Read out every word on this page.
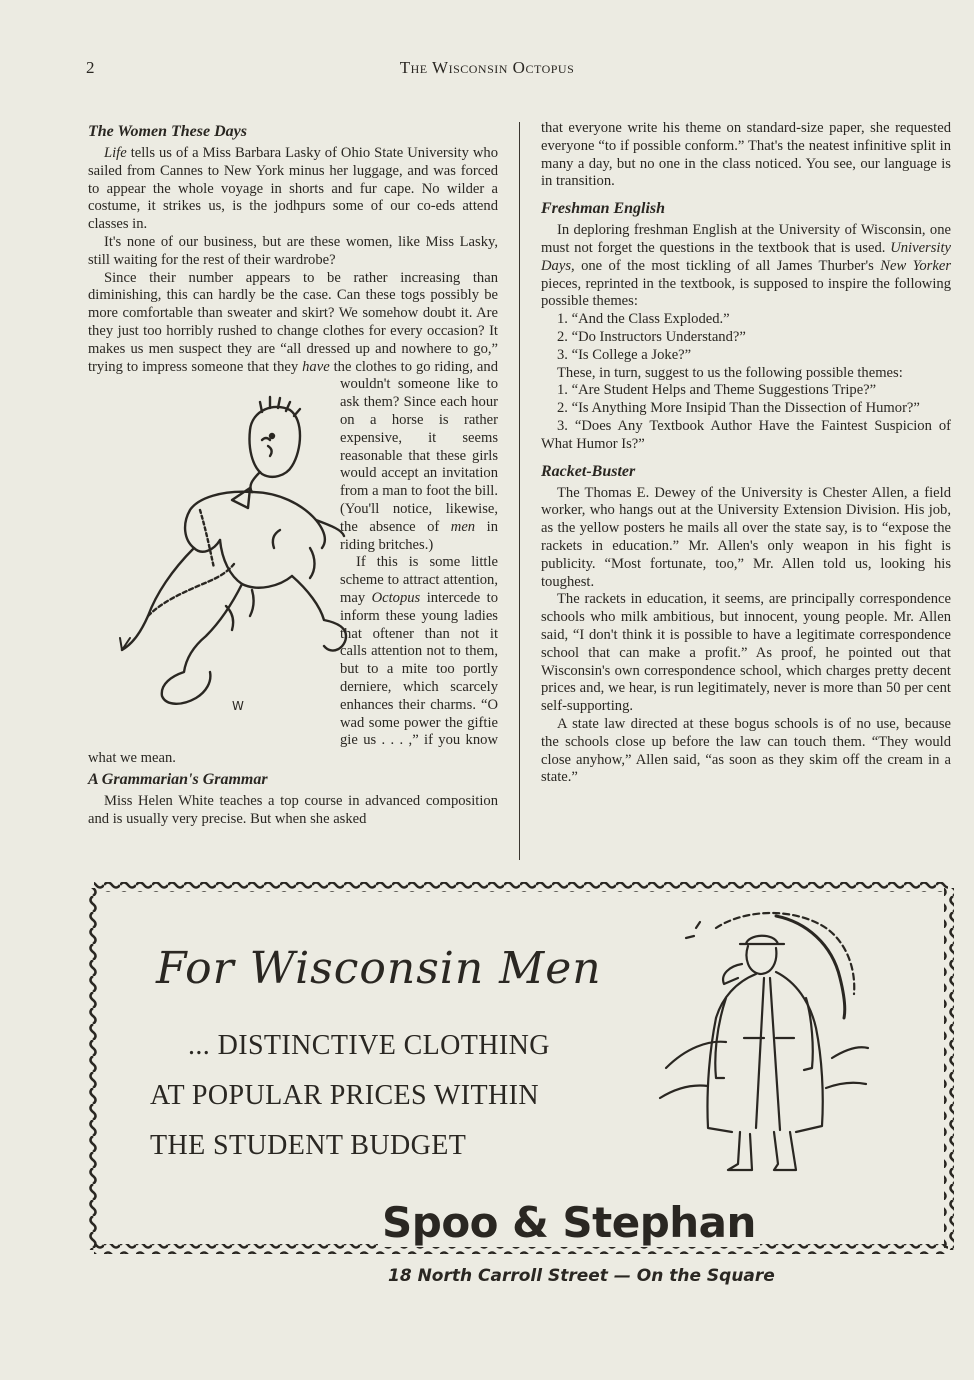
2	The Wisconsin Octopus
The Women These Days

Life tells us of a Miss Barbara Lasky of Ohio State University who sailed from Cannes to New York minus her luggage, and was forced to appear the whole voyage in shorts and fur cape. No wilder a costume, it strikes us, is the jodhpurs some of our co-eds attend classes in.

It's none of our business, but are these women, like Miss Lasky, still waiting for the rest of their wardrobe?

Since their number appears to be rather increasing than diminishing, this can hardly be the case. Can these togs possibly be more comfortable than sweater and skirt? We somehow doubt it. Are they just too horribly rushed to change clothes for every occasion? It makes us men suspect they are “all dressed up and nowhere to go,” trying to impress someone that they
W
have the clothes to go riding, and wouldn't someone like to ask them? Since each hour on a horse is rather expensive, it seems reasonable that these girls would accept an invitation from a man to foot the bill. (You'll notice, likewise, the absence of men in riding britches.)

If this is some little scheme to attract attention, may Octopus intercede to inform these young ladies that oftener than not it calls attention not to them, but to a mite too portly derniere, which scarcely enhances their charms. “O wad some power the giftie gie us . . . ,” if you know what we mean.

A Grammarian's Grammar

Miss Helen White teaches a top course in advanced composition and is usually very precise. But when she asked

that everyone write his theme on standard-size paper, she requested everyone “to if possible conform.” That's the neatest infinitive split in many a day, but no one in the class noticed. You see, our language is in transition.

Freshman English

In deploring freshman English at the University of Wisconsin, one must not forget the questions in the textbook that is used. University Days, one of the most tickling of all James Thurber's New Yorker pieces, reprinted in the textbook, is supposed to inspire the following possible themes:

1. “And the Class Exploded.”
2. “Do Instructors Understand?”
3. “Is College a Joke?”

These, in turn, suggest to us the following possible themes:

1. “Are Student Helps and Theme Suggestions Tripe?”
2. “Is Anything More Insipid Than the Dissection of Humor?”
3. “Does Any Textbook Author Have the Faintest Suspicion of What Humor Is?”
Racket-Buster

The Thomas E. Dewey of the University is Chester Allen, a field worker, who hangs out at the University Extension Division. His job, as the yellow posters he mails all over the state say, is to “expose the rackets in education.” Mr. Allen's only weapon in his fight is publicity. “Most fortunate, too,” Mr. Allen told us, looking his toughest.

The rackets in education, it seems, are principally correspondence schools who milk ambitious, but innocent, young people. Mr. Allen said, “I don't think it is possible to have a legitimate correspondence school that can make a profit.” As proof, he pointed out that Wisconsin's own correspondence school, which charges pretty decent prices and, we hear, is run legitimately, never is more than 50 per cent self-supporting.

A state law directed at these bogus schools is of no use, because the schools close up before the law can touch them. “They would close anyhow,” Allen said, “as soon as they skim off the cream in a state.”

For Wisconsin Men
... DISTINCTIVE CLOTHING
AT POPULAR PRICES WITHIN
THE STUDENT BUDGET
Spoo & Stephan
18 North Carroll Street — On the Square
